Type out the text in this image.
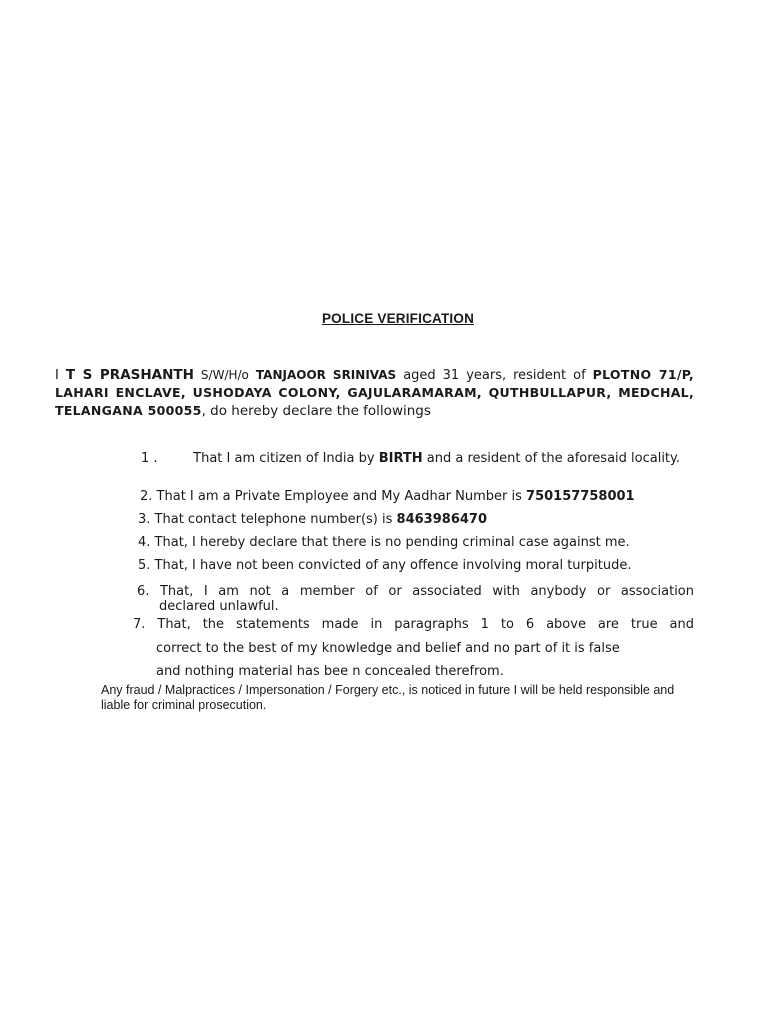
POLICE VERIFICATION
I T S PRASHANTH S/W/H/o TANJAOOR SRINIVAS aged 31 years, resident of PLOTNO 71/P, LAHARI ENCLAVE, USHODAYA COLONY, GAJULARAMARAM, QUTHBULLAPUR, MEDCHAL, TELANGANA 500055, do hereby declare the followings
1 .	That I am citizen of India by BIRTH and a resident of the aforesaid locality.
2. That I am a Private Employee and My Aadhar Number is 750157758001
3. That contact telephone number(s) is 8463986470
4. That, I hereby declare that there is no pending criminal case against me.
5. That, I have not been convicted of any offence involving moral turpitude.
6. That, I am not a member of or associated with anybody or association
declared unlawful.
7. That, the statements made in paragraphs 1 to 6 above are true and
correct to the best of my knowledge and belief and no part of it is false
and nothing material has bee n concealed therefrom.
Any fraud / Malpractices / Impersonation / Forgery etc., is noticed in future I will be held responsible and liable for criminal prosecution.
